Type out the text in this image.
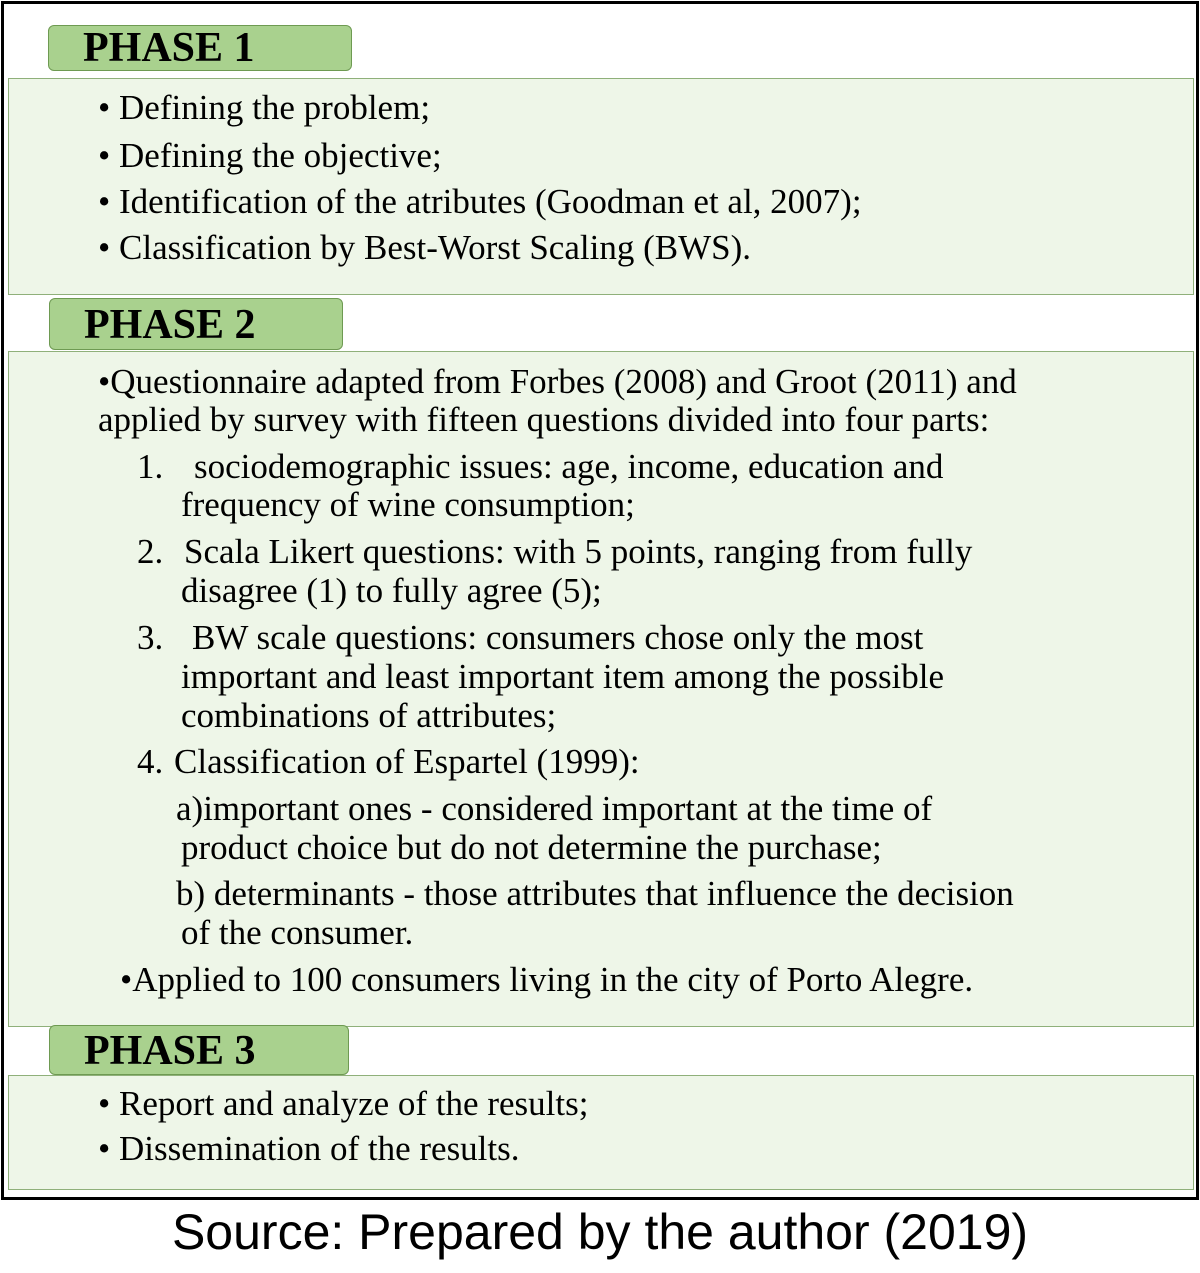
PHASE 1
• Defining the problem;
• Defining the objective;
• Identification of the atributes (Goodman et al, 2007);
• Classification by Best-Worst Scaling (BWS).
PHASE 2
•Questionnaire adapted from Forbes (2008) and Groot (2011) and
applied by survey with fifteen questions divided into four parts:
1. sociodemographic issues: age, income, education and
frequency of wine consumption;
2. Scala Likert questions: with 5 points, ranging from fully
disagree (1) to fully agree (5);
3. BW scale questions: consumers chose only the most
important and least important item among the possible
combinations of attributes;
4. Classification of Espartel (1999):
a)important ones - considered important at the time of
product choice but do not determine the purchase;
b) determinants - those attributes that influence the decision
of the consumer.
•Applied to 100 consumers living in the city of Porto Alegre.
PHASE 3
• Report and analyze of the results;
• Dissemination of the results.
Source: Prepared by the author (2019)
